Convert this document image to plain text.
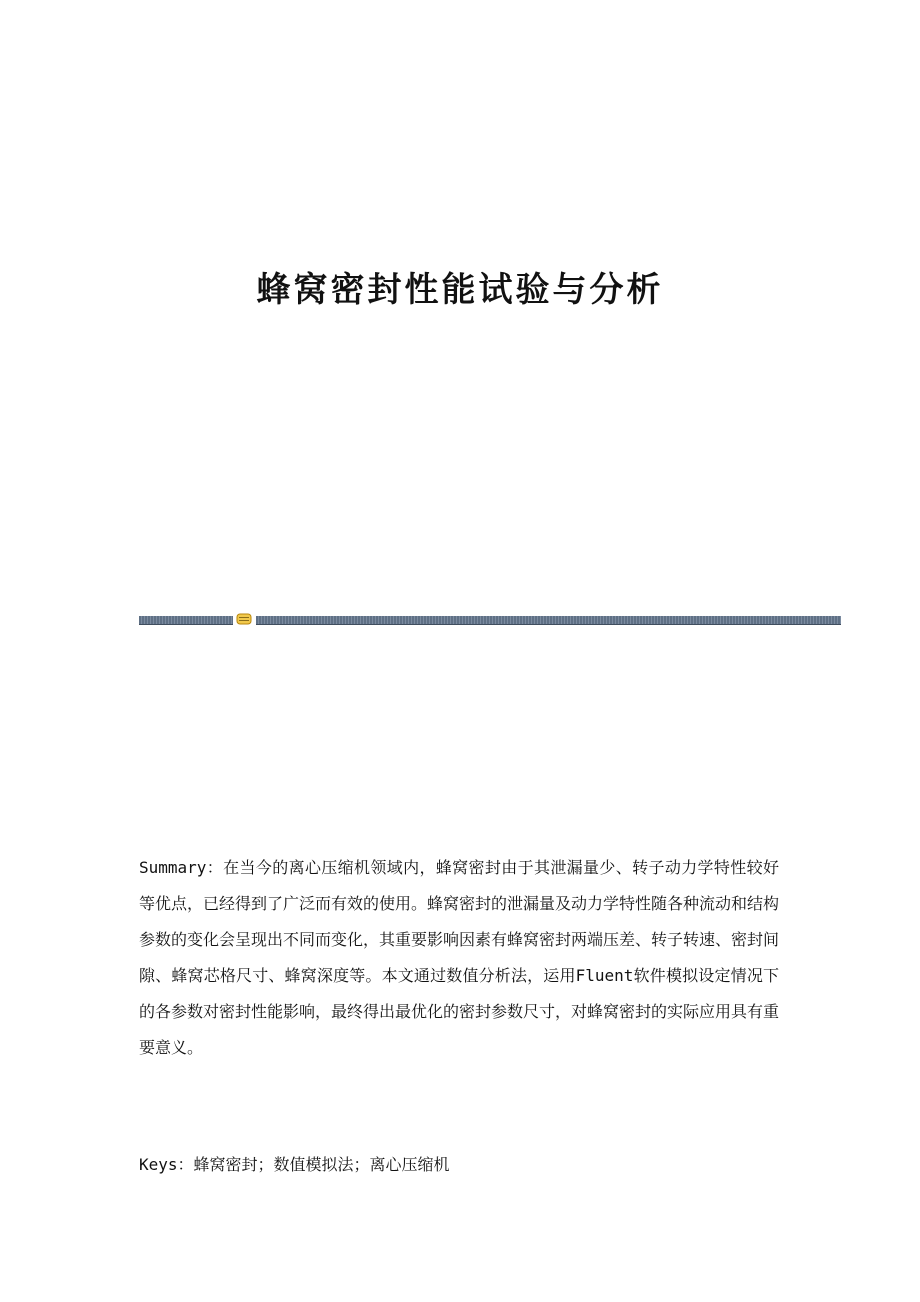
蜂窝密封性能试验与分析

Summary：在当今的离心压缩机领域内，蜂窝密封由于其泄漏量少、转子动力学特性较好等优点，已经得到了广泛而有效的使用。蜂窝密封的泄漏量及动力学特性随各种流动和结构参数的变化会呈现出不同而变化，其重要影响因素有蜂窝密封两端压差、转子转速、密封间隙、蜂窝芯格尺寸、蜂窝深度等。本文通过数值分析法，运用Fluent软件模拟设定情况下的各参数对密封性能影响，最终得出最优化的密封参数尺寸，对蜂窝密封的实际应用具有重要意义。

Keys：蜂窝密封；数值模拟法；离心压缩机
